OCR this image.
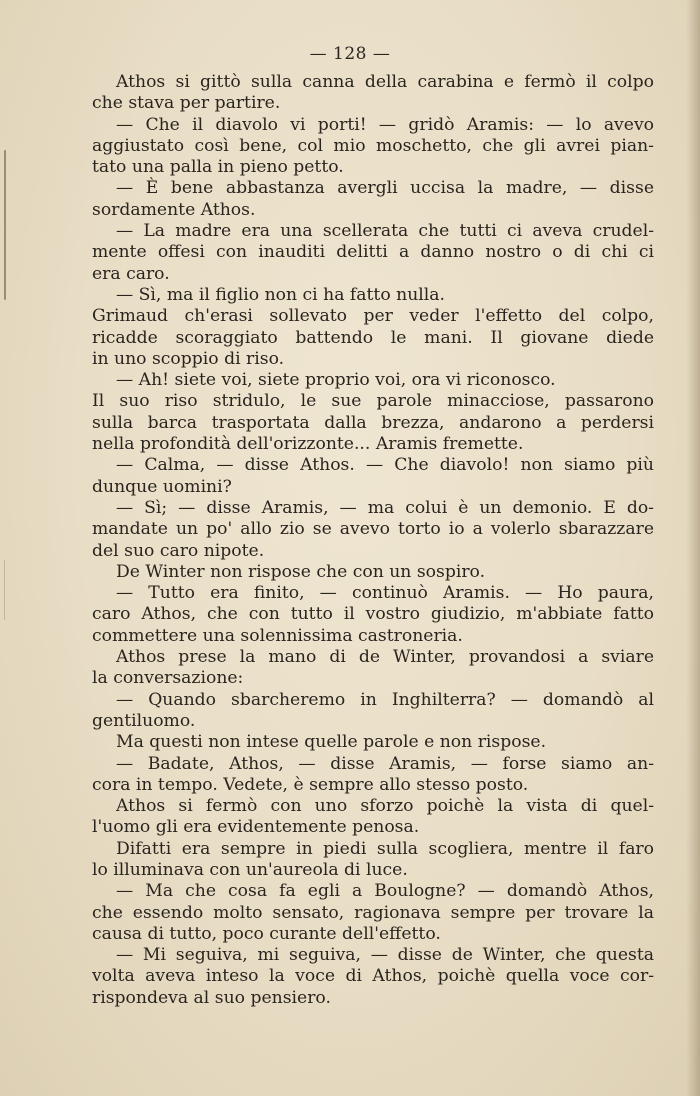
— 128 —
Athos si gittò sulla canna della carabina e fermò il colpo
che stava per partire.
— Che il diavolo vi porti! — gridò Aramis: — lo avevo
aggiustato così bene, col mio moschetto, che gli avrei pian-
tato una palla in pieno petto.
— È bene abbastanza avergli uccisa la madre, — disse
sordamente Athos.
— La madre era una scellerata che tutti ci aveva crudel-
mente offesi con inauditi delitti a danno nostro o di chi ci
era caro.
— Sì, ma il figlio non ci ha fatto nulla.
Grimaud ch'erasi sollevato per veder l'effetto del colpo,
ricadde scoraggiato battendo le mani. Il giovane diede
in uno scoppio di riso.
— Ah! siete voi, siete proprio voi, ora vi riconosco.
Il suo riso stridulo, le sue parole minacciose, passarono
sulla barca trasportata dalla brezza, andarono a perdersi
nella profondità dell'orizzonte... Aramis fremette.
— Calma, — disse Athos. — Che diavolo! non siamo più
dunque uomini?
— Sì; — disse Aramis, — ma colui è un demonio. E do-
mandate un po' allo zio se avevo torto io a volerlo sbarazzare
del suo caro nipote.
De Winter non rispose che con un sospiro.
— Tutto era finito, — continuò Aramis. — Ho paura,
caro Athos, che con tutto il vostro giudizio, m'abbiate fatto
commettere una solennissima castroneria.
Athos prese la mano di de Winter, provandosi a sviare
la conversazione:
— Quando sbarcheremo in Inghilterra? — domandò al
gentiluomo.
Ma questi non intese quelle parole e non rispose.
— Badate, Athos, — disse Aramis, — forse siamo an-
cora in tempo. Vedete, è sempre allo stesso posto.
Athos si fermò con uno sforzo poichè la vista di quel-
l'uomo gli era evidentemente penosa.
Difatti era sempre in piedi sulla scogliera, mentre il faro
lo illuminava con un'aureola di luce.
— Ma che cosa fa egli a Boulogne? — domandò Athos,
che essendo molto sensato, ragionava sempre per trovare la
causa di tutto, poco curante dell'effetto.
— Mi seguiva, mi seguiva, — disse de Winter, che questa
volta aveva inteso la voce di Athos, poichè quella voce cor-
rispondeva al suo pensiero.
